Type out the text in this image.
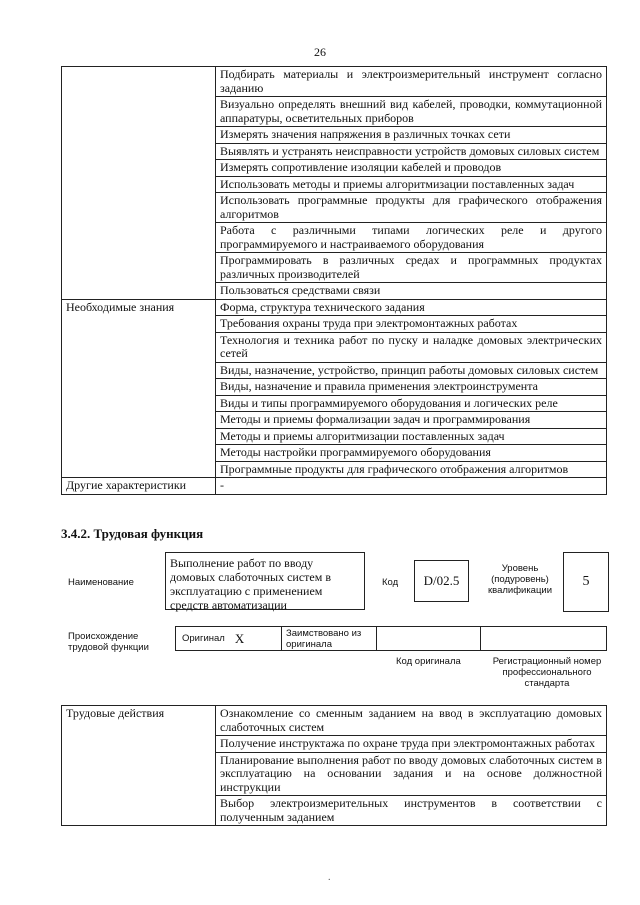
26
	Подбирать материалы и электроизмерительный инструмент согласно заданию
	Визуально определять внешний вид кабелей, проводки, коммутационной аппаратуры, осветительных приборов
	Измерять значения напряжения в различных точках сети
	Выявлять и устранять неисправности устройств домовых силовых систем
	Измерять сопротивление изоляции кабелей и проводов
	Использовать методы и приемы алгоритмизации поставленных задач
	Использовать программные продукты для графического отображения алгоритмов
	Работа с различными типами логических реле и другого программируемого и настраиваемого оборудования
	Программировать в различных средах и программных продуктах различных производителей
	Пользоваться средствами связи
Необходимые знания	Форма, структура технического задания
	Требования охраны труда при электромонтажных работах
	Технология и техника работ по пуску и наладке домовых электрических сетей
	Виды, назначение, устройство, принцип работы домовых силовых систем
	Виды, назначение и правила применения электроинструмента
	Виды и типы программируемого оборудования и логических реле
	Методы и приемы формализации задач и программирования
	Методы и приемы алгоритмизации поставленных задач
	Методы настройки программируемого оборудования
	Программные продукты для графического отображения алгоритмов
Другие характеристики	-
3.4.2. Трудовая функция
Наименование
Выполнение работ по вводу домовых слаботочных систем в эксплуатацию с применением средств автоматизации
Код	D/02.5
Уровень (подуровень) квалификации
5
Происхождение трудовой функции
Оригинал X	Заимствовано из оригинала
Код оригинала	Регистрационный номер профессионального стандарта
Трудовые действия	Ознакомление со сменным заданием на ввод в эксплуатацию домовых слаботочных систем
Получение инструктажа по охране труда при электромонтажных работах
Планирование выполнения работ по вводу домовых слаботочных систем в эксплуатацию на основании задания и на основе должностной инструкции
Выбор электроизмерительных инструментов в соответствии с полученным заданием
.
